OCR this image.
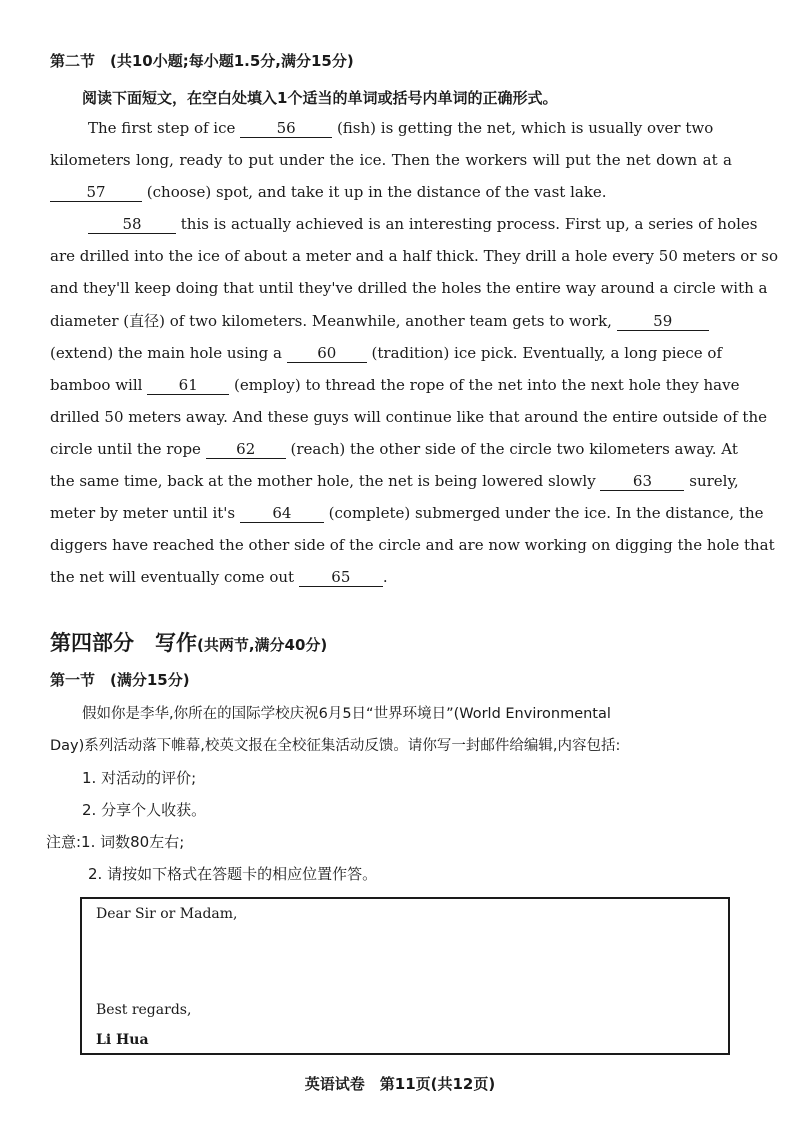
第二节　(共10小题;每小题1.5分,满分15分)
阅读下面短文，在空白处填入1个适当的单词或括号内单词的正确形式。
The first step of ice	56	(fish) is getting the net, which is usually over two
kilometers long, ready to put under the ice. Then the workers will put the net down at a
57	(choose) spot, and take it up in the distance of the vast lake.
58	this is actually achieved is an interesting process. First up, a series of holes
are drilled into the ice of about a meter and a half thick. They drill a hole every 50 meters or so
and they'll keep doing that until they've drilled the holes the entire way around a circle with a
diameter (直径) of two kilometers. Meanwhile, another team gets to work,	59
(extend) the main hole using a 60 (tradition) ice pick. Eventually, a long piece of
bamboo will 61 (employ) to thread the rope of the net into the next hole they have
drilled 50 meters away. And these guys will continue like that around the entire outside of the
circle until the rope 62 (reach) the other side of the circle two kilometers away. At
the same time, back at the mother hole, the net is being lowered slowly 63 surely,
meter by meter until it's 64 (complete) submerged under the ice. In the distance, the
diggers have reached the other side of the circle and are now working on digging the hole that
the net will eventually come out 65 .
第四部分　写作(共两节,满分40分)
第一节　(满分15分)
假如你是李华,你所在的国际学校庆祝6月5日“世界环境日”(World Environmental
Day)系列活动落下帷幕,校英文报在全校征集活动反馈。请你写一封邮件给编辑,内容包括:
1. 对活动的评价;
2. 分享个人收获。
注意:1. 词数80左右;
2. 请按如下格式在答题卡的相应位置作答。
Dear Sir or Madam,
Best regards,
Li Hua
英语试卷　第11页(共12页)
